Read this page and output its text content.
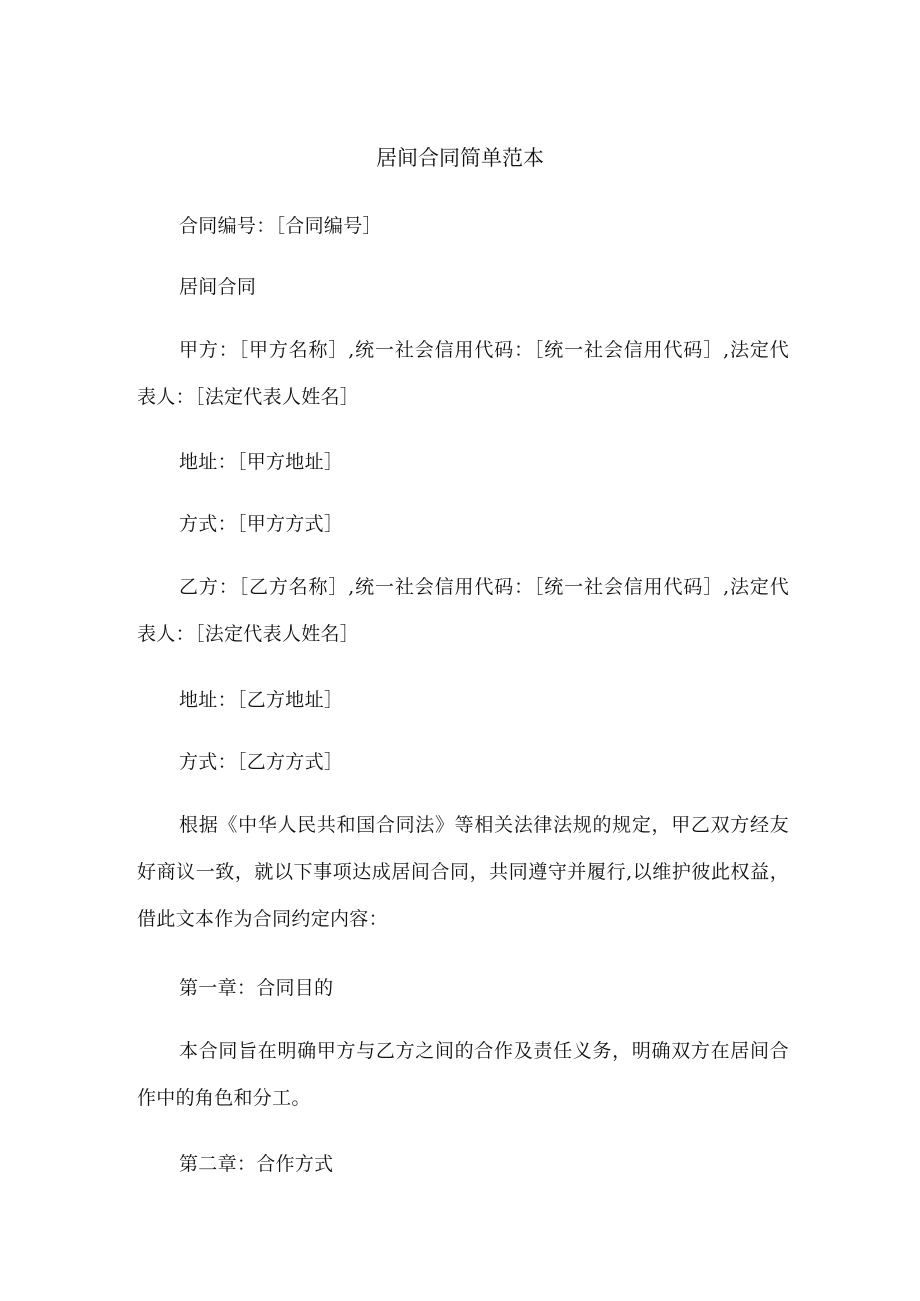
居间合同简单范本

合同编号：［合同编号］

居间合同

甲方：［甲方名称］,统一社会信用代码：［统一社会信用代码］,法定代表人：［法定代表人姓名］

地址：［甲方地址］

方式：［甲方方式］

乙方：［乙方名称］,统一社会信用代码：［统一社会信用代码］,法定代表人：［法定代表人姓名］

地址：［乙方地址］

方式：［乙方方式］

根据《中华人民共和国合同法》等相关法律法规的规定，甲乙双方经友好商议一致，就以下事项达成居间合同，共同遵守并履行,以维护彼此权益，借此文本作为合同约定内容：

第一章：合同目的

本合同旨在明确甲方与乙方之间的合作及责任义务，明确双方在居间合作中的角色和分工。

第二章：合作方式
